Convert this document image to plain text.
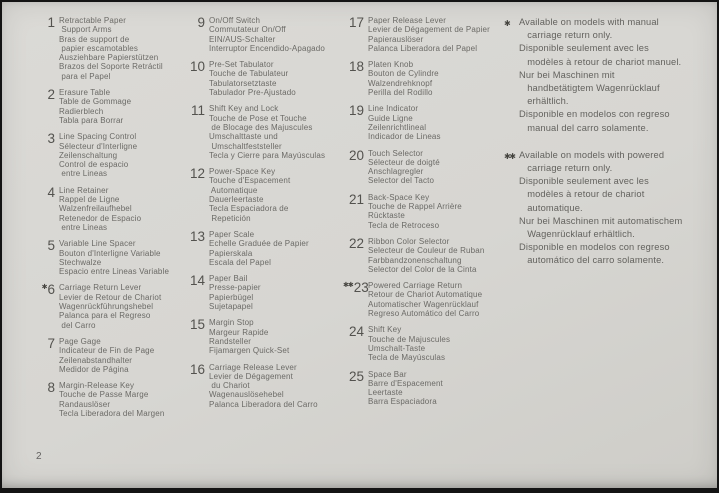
1 Retractable Paper
Support Arms
Bras de support de
papier escamotables
Ausziehbare Papierstützen
Brazos del Soporte Retráctil
para el Papel
2 Erasure Table
Table de Gommage
Radierblech
Tabla para Borrar
3 Line Spacing Control
Sélecteur d'Interligne
Zeilenschaltung
Control de espacio
entre Lineas
4 Line Retainer
Rappel de Ligne
Walzenfreilaufhebel
Retenedor de Espacio
entre Lineas
5 Variable Line Spacer
Bouton d'Interligne Variable
Stechwalze
Espacio entre Lineas Variable
✱6 Carriage Return Lever
Levier de Retour de Chariot
Wagenrückführungshebel
Palanca para el Regreso
del Carro
7 Page Gage
Indicateur de Fin de Page
Zeilenabstandhalter
Medidor de Página
8 Margin-Release Key
Touche de Passe Marge
Randauslöser
Tecla Liberadora del Margen
9 On/Off Switch
Commutateur On/Off
EIN/AUS-Schalter
Interruptor Encendido-Apagado
10 Pre-Set Tabulator
Touche de Tabulateur
Tabulatorsetztaste
Tabulador Pre-Ajustado
11 Shift Key and Lock
Touche de Pose et Touche
de Blocage des Majuscules
Umschalttaste und
Umschaltfeststeller
Tecla y Cierre para Mayúsculas
12 Power-Space Key
Touche d'Espacement
Automatique
Dauerleertaste
Tecla Espaciadora de
Repetición
13 Paper Scale
Echelle Graduée de Papier
Papierskala
Escala del Papel
14 Paper Bail
Presse-papier
Papierbügel
Sujetapapel
15 Margin Stop
Margeur Rapide
Randsteller
Fijamargen Quick-Set
16 Carriage Release Lever
Levier de Dégagement
du Chariot
Wagenauslösehebel
Palanca Liberadora del Carro
17 Paper Release Lever
Levier de Dégagement de Papier
Papierauslöser
Palanca Liberadora del Papel
18 Platen Knob
Bouton de Cylindre
Walzendrehknopf
Perilla del Rodillo
19 Line Indicator
Guide Ligne
Zeilenrichtlineal
Indicador de Lineas
20 Touch Selector
Sélecteur de doigté
Anschlagregler
Selector del Tacto
21 Back-Space Key
Touche de Rappel Arrière
Rücktaste
Tecla de Retroceso
22 Ribbon Color Selector
Selecteur de Couleur de Ruban
Farbbandzonenschaltung
Selector del Color de la Cinta
✱✱23 Powered Carriage Return
Retour de Chariot Automatique
Automatischer Wagenrücklauf
Regreso Automático del Carro
24 Shift Key
Touche de Majuscules
Umschalt-Taste
Tecla de Mayúsculas
25 Space Bar
Barre d'Espacement
Leertaste
Barra Espaciadora
✱	Available on models with manual
carriage return only.
Disponible seulement avec les
modèles à retour de chariot manuel.
Nur bei Maschinen mit
handbetätigtem Wagenrücklauf
erhältlich.
Disponible en modelos con regreso
manual del carro solamente.
✱✱ Available on models with powered
carriage return only.
Disponible seulement avec les
modèles à retour de chariot
automatique.
Nur bei Maschinen mit automatischem
Wagenrücklauf erhältlich.
Disponible en modelos con regreso
automático del carro solamente.
2
